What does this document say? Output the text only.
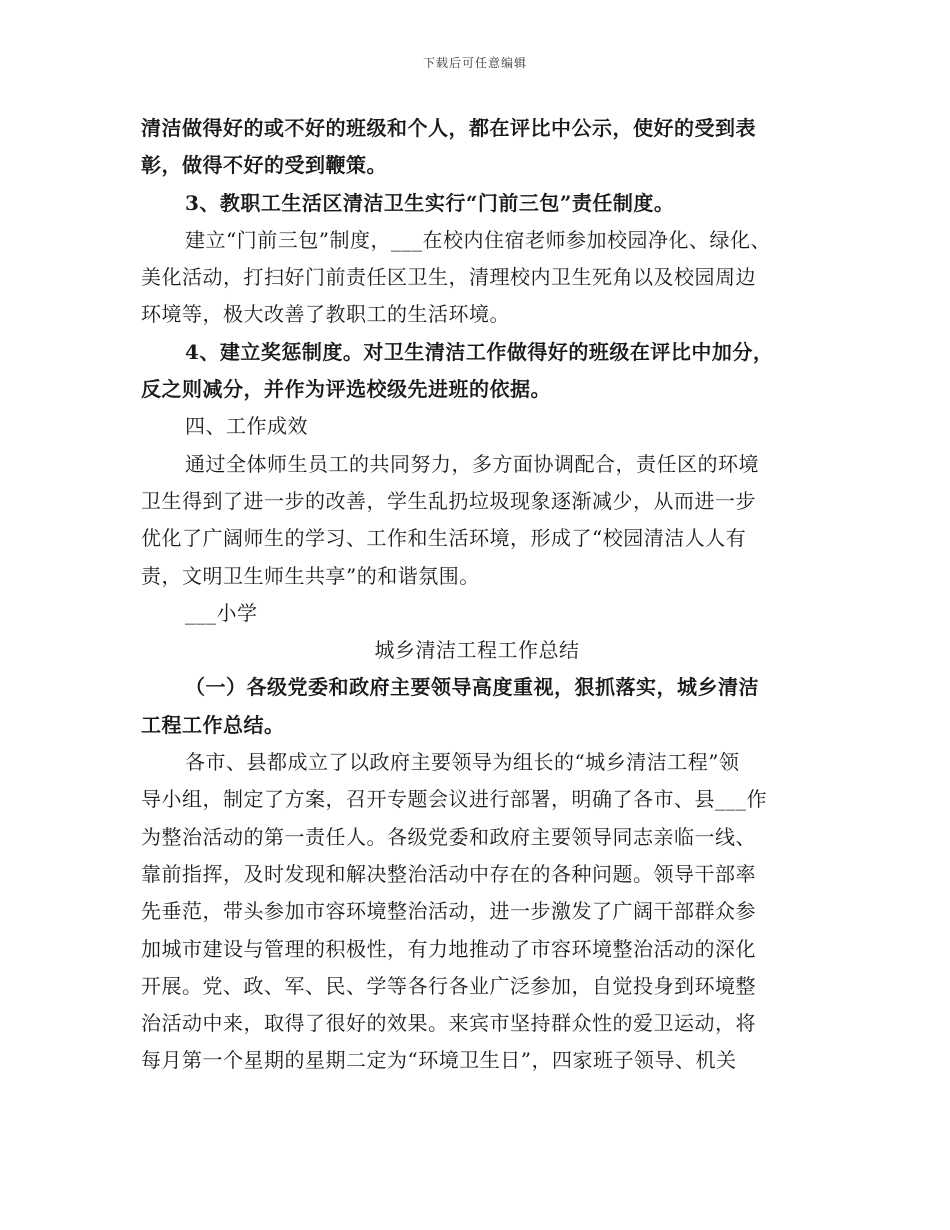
下载后可任意编辑

清洁做得好的或不好的班级和个人，都在评比中公示，使好的受到表
彰，做得不好的受到鞭策。

3、教职工生活区清洁卫生实行“门前三包”责任制度。

建立“门前三包”制度，___在校内住宿老师参加校园净化、绿化、
美化活动，打扫好门前责任区卫生，清理校内卫生死角以及校园周边
环境等，极大改善了教职工的生活环境。

4、建立奖惩制度。对卫生清洁工作做得好的班级在评比中加分，
反之则减分，并作为评选校级先进班的依据。

四、工作成效

通过全体师生员工的共同努力，多方面协调配合，责任区的环境
卫生得到了进一步的改善，学生乱扔垃圾现象逐渐减少，从而进一步
优化了广阔师生的学习、工作和生活环境，形成了“校园清洁人人有
责，文明卫生师生共享”的和谐氛围。

___小学

城乡清洁工程工作总结

（一）各级党委和政府主要领导高度重视，狠抓落实，城乡清洁
工程工作总结。

各市、县都成立了以政府主要领导为组长的“城乡清洁工程”领
导小组，制定了方案，召开专题会议进行部署，明确了各市、县___作
为整治活动的第一责任人。各级党委和政府主要领导同志亲临一线、
靠前指挥，及时发现和解决整治活动中存在的各种问题。领导干部率
先垂范，带头参加市容环境整治活动，进一步激发了广阔干部群众参
加城市建设与管理的积极性，有力地推动了市容环境整治活动的深化
开展。党、政、军、民、学等各行各业广泛参加，自觉投身到环境整
治活动中来，取得了很好的效果。来宾市坚持群众性的爱卫运动，将
每月第一个星期的星期二定为“环境卫生日”，四家班子领导、机关
